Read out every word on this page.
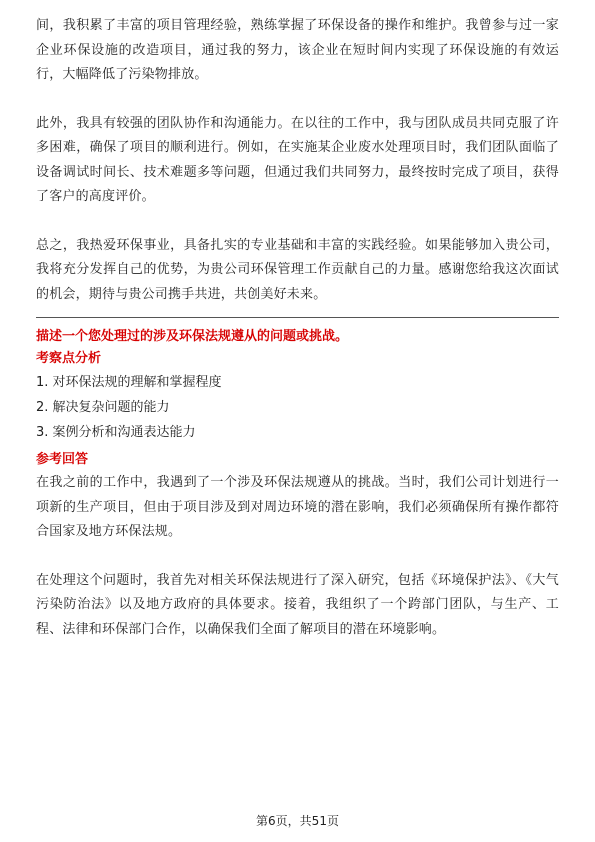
间，我积累了丰富的项目管理经验，熟练掌握了环保设备的操作和维护。我曾参与过一家企业环保设施的改造项目，通过我的努力，该企业在短时间内实现了环保设施的有效运行，大幅降低了污染物排放。

此外，我具有较强的团队协作和沟通能力。在以往的工作中，我与团队成员共同克服了许多困难，确保了项目的顺利进行。例如，在实施某企业废水处理项目时，我们团队面临了设备调试时间长、技术难题多等问题，但通过我们共同努力，最终按时完成了项目，获得了客户的高度评价。

总之，我热爱环保事业，具备扎实的专业基础和丰富的实践经验。如果能够加入贵公司，我将充分发挥自己的优势，为贵公司环保管理工作贡献自己的力量。感谢您给我这次面试的机会，期待与贵公司携手共进，共创美好未来。

描述一个您处理过的涉及环保法规遵从的问题或挑战。

考察点分析

1. 对环保法规的理解和掌握程度
2. 解决复杂问题的能力
3. 案例分析和沟通表达能力

参考回答

在我之前的工作中，我遇到了一个涉及环保法规遵从的挑战。当时，我们公司计划进行一项新的生产项目，但由于项目涉及到对周边环境的潜在影响，我们必须确保所有操作都符合国家及地方环保法规。

在处理这个问题时，我首先对相关环保法规进行了深入研究，包括《环境保护法》、《大气污染防治法》以及地方政府的具体要求。接着，我组织了一个跨部门团队，与生产、工程、法律和环保部门合作，以确保我们全面了解项目的潜在环境影响。

第6页，共51页
